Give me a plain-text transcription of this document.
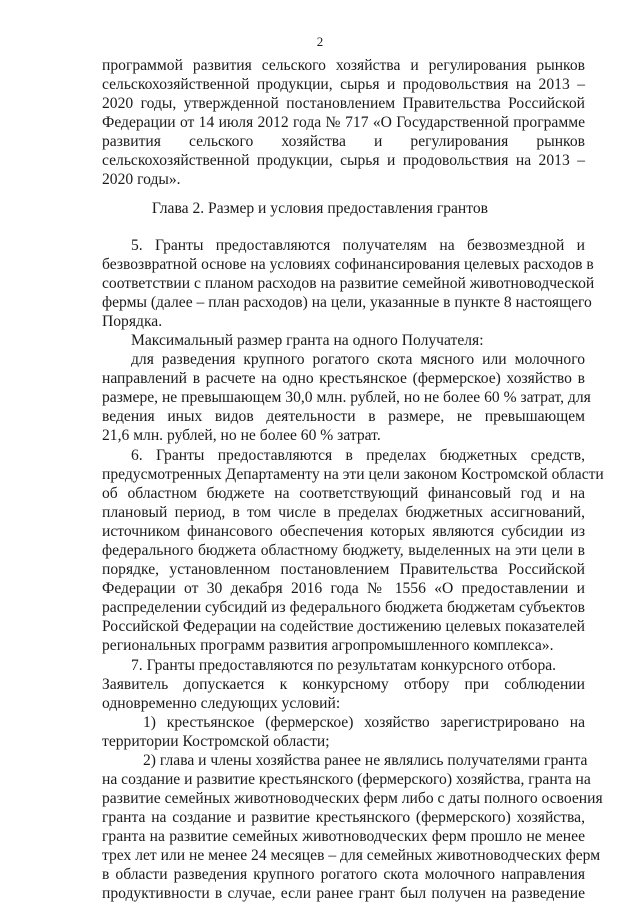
2
программой развития сельского хозяйства и регулирования рынков
сельскохозяйственной продукции, сырья и продовольствия на 2013 –
2020 годы, утвержденной постановлением Правительства Российской
Федерации от 14 июля 2012 года № 717 «О Государственной программе
развития сельского хозяйства и регулирования рынков
сельскохозяйственной продукции, сырья и продовольствия на 2013 –
2020 годы».
Глава 2. Размер и условия предоставления грантов
5. Гранты предоставляются получателям на безвозмездной и
безвозвратной основе на условиях софинансирования целевых расходов в
соответствии с планом расходов на развитие семейной животноводческой
фермы (далее – план расходов) на цели, указанные в пункте 8 настоящего
Порядка.
Максимальный размер гранта на одного Получателя:
для разведения крупного рогатого скота мясного или молочного
направлений в расчете на одно крестьянское (фермерское) хозяйство в
размере, не превышающем 30,0 млн. рублей, но не более 60 % затрат, для
ведения иных видов деятельности в размере, не превышающем
21,6 млн. рублей, но не более 60 % затрат.
6. Гранты предоставляются в пределах бюджетных средств,
предусмотренных Департаменту на эти цели законом Костромской области
об областном бюджете на соответствующий финансовый год и на
плановый период, в том числе в пределах бюджетных ассигнований,
источником финансового обеспечения которых являются субсидии из
федерального бюджета областному бюджету, выделенных на эти цели в
порядке, установленном постановлением Правительства Российской
Федерации от 30 декабря 2016 года № 1556 «О предоставлении и
распределении субсидий из федерального бюджета бюджетам субъектов
Российской Федерации на содействие достижению целевых показателей
региональных программ развития агропромышленного комплекса».
7. Гранты предоставляются по результатам конкурсного отбора.
Заявитель допускается к конкурсному отбору при соблюдении
одновременно следующих условий:
1) крестьянское (фермерское) хозяйство зарегистрировано на
территории Костромской области;
2) глава и члены хозяйства ранее не являлись получателями гранта
на создание и развитие крестьянского (фермерского) хозяйства, гранта на
развитие семейных животноводческих ферм либо с даты полного освоения
гранта на создание и развитие крестьянского (фермерского) хозяйства,
гранта на развитие семейных животноводческих ферм прошло не менее
трех лет или не менее 24 месяцев – для семейных животноводческих ферм
в области разведения крупного рогатого скота молочного направления
продуктивности в случае, если ранее грант был получен на разведение
